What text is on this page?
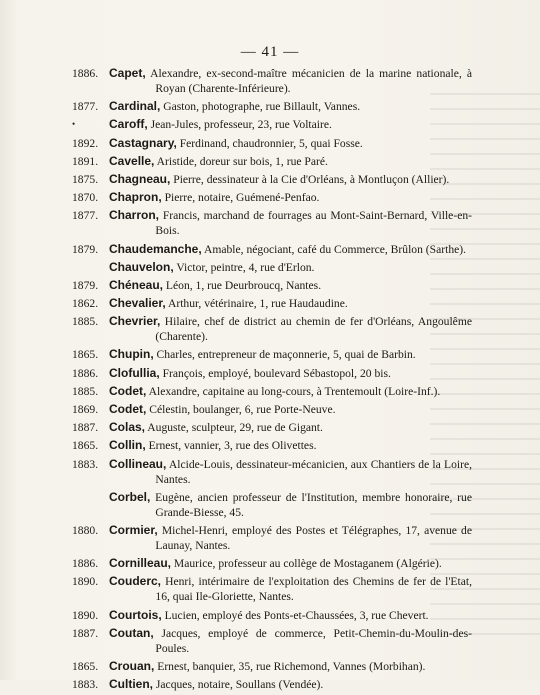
— 41 —
1886. Capet, Alexandre, ex-second-maître mécanicien de la marine nationale, à Royan (Charente-Inférieure).
1877. Cardinal, Gaston, photographe, rue Billault, Vannes.
•	Caroff, Jean-Jules, professeur, 23, rue Voltaire.
1892. Castagnary, Ferdinand, chaudronnier, 5, quai Fosse.
1891. Cavelle, Aristide, doreur sur bois, 1, rue Paré.
1875. Chagneau, Pierre, dessinateur à la Cie d'Orléans, à Montluçon (Allier).
1870. Chapron, Pierre, notaire, Guémené-Penfao.
1877. Charron, Francis, marchand de fourrages au Mont-Saint-Bernard, Ville-en-Bois.
1879. Chaudemanche, Amable, négociant, café du Commerce, Brûlon (Sarthe).
Chauvelon, Victor, peintre, 4, rue d'Erlon.
1879. Chéneau, Léon, 1, rue Deurbroucq, Nantes.
1862. Chevalier, Arthur, vétérinaire, 1, rue Haudaudine.
1885. Chevrier, Hilaire, chef de district au chemin de fer d'Orléans, Angoulême (Charente).
1865. Chupin, Charles, entrepreneur de maçonnerie, 5, quai de Barbin.
1886. Clofullia, François, employé, boulevard Sébastopol, 20 bis.
1885. Codet, Alexandre, capitaine au long-cours, à Trentemoult (Loire-Inf.).
1869. Codet, Célestin, boulanger, 6, rue Porte-Neuve.
1887. Colas, Auguste, sculpteur, 29, rue de Gigant.
1865. Collin, Ernest, vannier, 3, rue des Olivettes.
1883. Collineau, Alcide-Louis, dessinateur-mécanicien, aux Chantiers de la Loire, Nantes.
Corbel, Eugène, ancien professeur de l'Institution, membre honoraire, rue Grande-Biesse, 45.
1880. Cormier, Michel-Henri, employé des Postes et Télégraphes, 17, avenue de Launay, Nantes.
1886. Cornilleau, Maurice, professeur au collège de Mostaganem (Algérie).
1890. Couderc, Henri, intérimaire de l'exploitation des Chemins de fer de l'Etat, 16, quai Ile-Gloriette, Nantes.
1890. Courtois, Lucien, employé des Ponts-et-Chaussées, 3, rue Chevert.
1887. Coutan, Jacques, employé de commerce, Petit-Chemin-du-Moulin-des-Poules.
1865. Crouan, Ernest, banquier, 35, rue Richemond, Vannes (Morbihan).
1883. Cultien, Jacques, notaire, Soullans (Vendée).
